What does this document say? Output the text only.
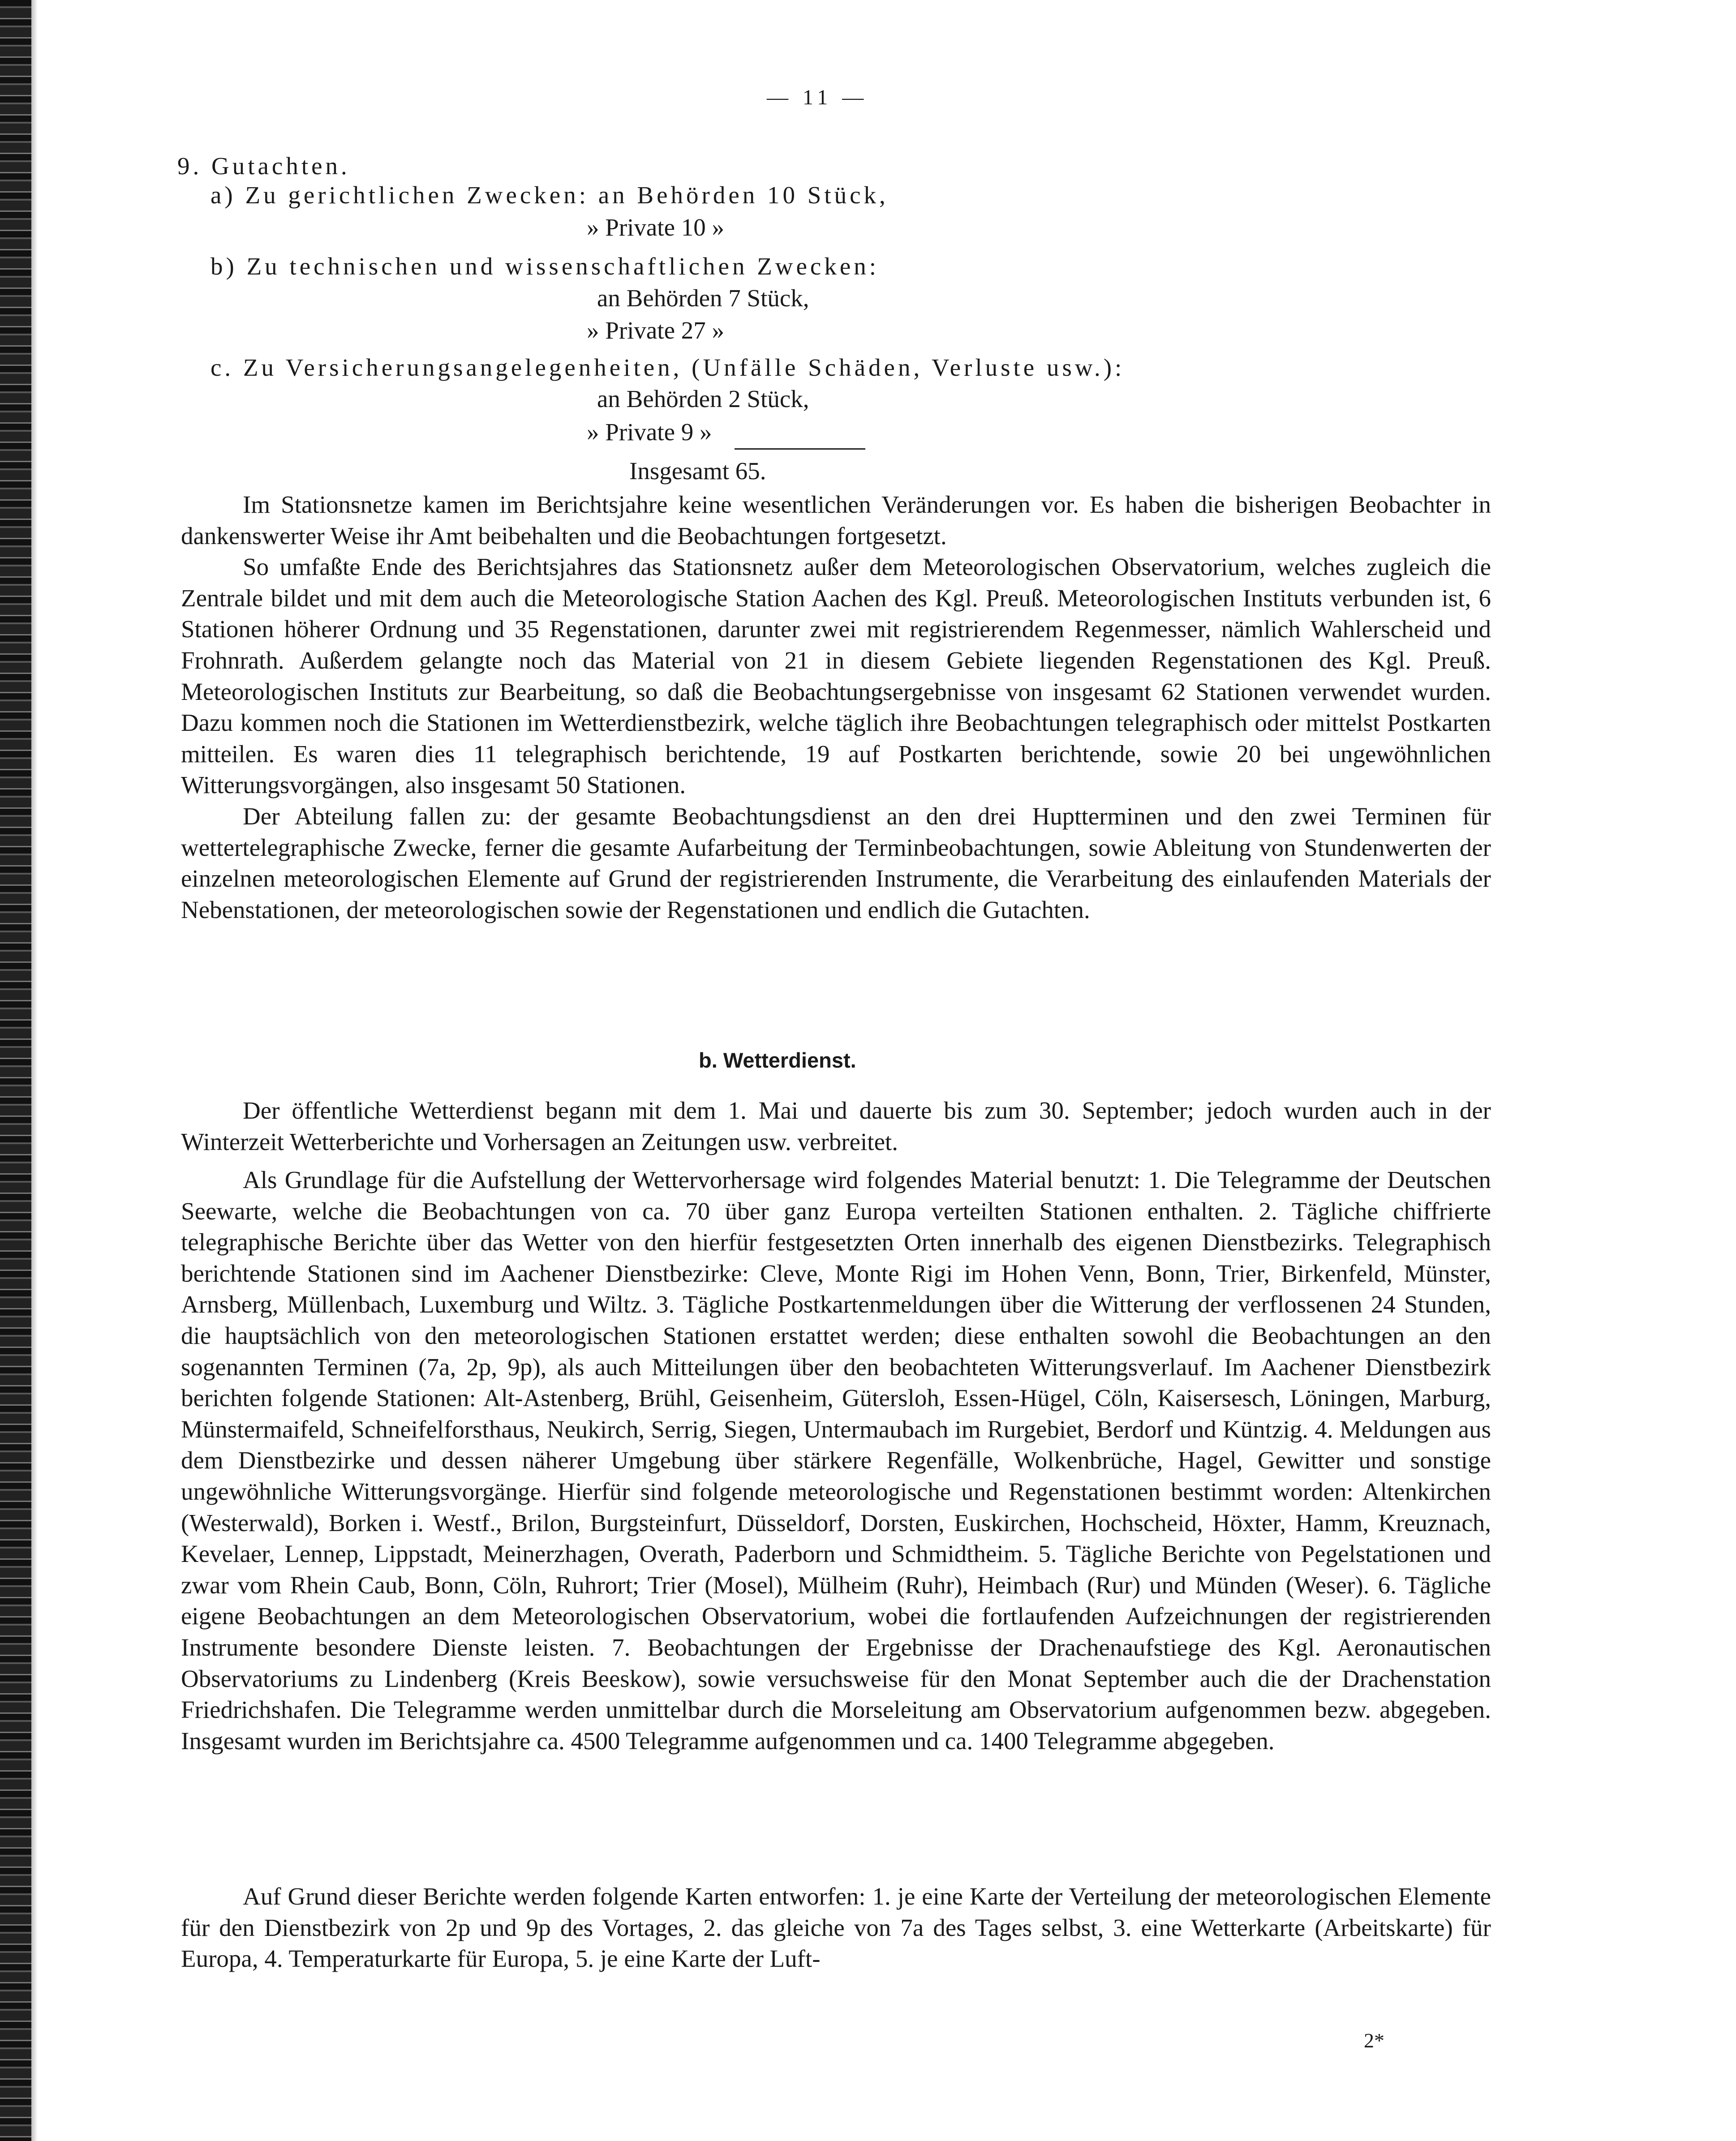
— 11 —
9. Gutachten.
a) Zu gerichtlichen Zwecken: an Behörden 10 Stück,
» Private 10 »
b) Zu technischen und wissenschaftlichen Zwecken:
an Behörden 7 Stück,
» Private 27 »
c. Zu Versicherungsangelegenheiten, (Unfälle Schäden, Verluste usw.):
an Behörden 2 Stück,
» Private 9 »
Insgesamt 65.

Im Stationsnetze kamen im Berichtsjahre keine wesentlichen Veränderungen vor. Es haben die bisherigen Beobachter in dankenswerter Weise ihr Amt beibehalten und die Beobachtungen fortgesetzt.

So umfaßte Ende des Berichtsjahres das Stationsnetz außer dem Meteorologischen Observatorium, welches zugleich die Zentrale bildet und mit dem auch die Meteorologische Station Aachen des Kgl. Preuß. Meteorologischen Instituts verbunden ist, 6 Stationen höherer Ordnung und 35 Regenstationen, darunter zwei mit registrierendem Regenmesser, nämlich Wahlerscheid und Frohnrath. Außerdem gelangte noch das Material von 21 in diesem Gebiete liegenden Regenstationen des Kgl. Preuß. Meteorologischen Instituts zur Bearbeitung, so daß die Beobachtungsergebnisse von insgesamt 62 Stationen verwendet wurden. Dazu kommen noch die Stationen im Wetterdienstbezirk, welche täglich ihre Beobachtungen telegraphisch oder mittelst Postkarten mitteilen. Es waren dies 11 telegraphisch berichtende, 19 auf Postkarten berichtende, sowie 20 bei ungewöhnlichen Witterungsvorgängen, also insgesamt 50 Stationen.

Der Abteilung fallen zu: der gesamte Beobachtungsdienst an den drei Huptterminen und den zwei Terminen für wettertelegraphische Zwecke, ferner die gesamte Aufarbeitung der Terminbeobachtungen, sowie Ableitung von Stundenwerten der einzelnen meteorologischen Elemente auf Grund der registrierenden Instrumente, die Verarbeitung des einlaufenden Materials der Nebenstationen, der meteorologischen sowie der Regenstationen und endlich die Gutachten.

b. Wetterdienst.

Der öffentliche Wetterdienst begann mit dem 1. Mai und dauerte bis zum 30. September; jedoch wurden auch in der Winterzeit Wetterberichte und Vorhersagen an Zeitungen usw. verbreitet.

Als Grundlage für die Aufstellung der Wettervorhersage wird folgendes Material benutzt: 1. Die Telegramme der Deutschen Seewarte, welche die Beobachtungen von ca. 70 über ganz Europa verteilten Stationen enthalten. 2. Tägliche chiffrierte telegraphische Berichte über das Wetter von den hierfür festgesetzten Orten innerhalb des eigenen Dienstbezirks. Telegraphisch berichtende Stationen sind im Aachener Dienstbezirke: Cleve, Monte Rigi im Hohen Venn, Bonn, Trier, Birkenfeld, Münster, Arnsberg, Müllenbach, Luxemburg und Wiltz. 3. Tägliche Postkartenmeldungen über die Witterung der verflossenen 24 Stunden, die hauptsächlich von den meteorologischen Stationen erstattet werden; diese enthalten sowohl die Beobachtungen an den sogenannten Terminen (7a, 2p, 9p), als auch Mitteilungen über den beobachteten Witterungsverlauf. Im Aachener Dienstbezirk berichten folgende Stationen: Alt-Astenberg, Brühl, Geisenheim, Gütersloh, Essen-Hügel, Cöln, Kaisersesch, Löningen, Marburg, Münstermaifeld, Schneifelforsthaus, Neukirch, Serrig, Siegen, Untermaubach im Rurgebiet, Berdorf und Küntzig. 4. Meldungen aus dem Dienstbezirke und dessen näherer Umgebung über stärkere Regenfälle, Wolkenbrüche, Hagel, Gewitter und sonstige ungewöhnliche Witterungsvorgänge. Hierfür sind folgende meteorologische und Regenstationen bestimmt worden: Altenkirchen (Westerwald), Borken i. Westf., Brilon, Burgsteinfurt, Düsseldorf, Dorsten, Euskirchen, Hochscheid, Höxter, Hamm, Kreuznach, Kevelaer, Lennep, Lippstadt, Meinerzhagen, Overath, Paderborn und Schmidtheim. 5. Tägliche Berichte von Pegelstationen und zwar vom Rhein Caub, Bonn, Cöln, Ruhrort; Trier (Mosel), Mülheim (Ruhr), Heimbach (Rur) und Münden (Weser). 6. Tägliche eigene Beobachtungen an dem Meteorologischen Observatorium, wobei die fortlaufenden Aufzeichnungen der registrierenden Instrumente besondere Dienste leisten. 7. Beobachtungen der Ergebnisse der Drachenaufstiege des Kgl. Aeronautischen Observatoriums zu Lindenberg (Kreis Beeskow), sowie versuchsweise für den Monat September auch die der Drachenstation Friedrichshafen. Die Telegramme werden unmittelbar durch die Morseleitung am Observatorium aufgenommen bezw. abgegeben. Insgesamt wurden im Berichtsjahre ca. 4500 Telegramme aufgenommen und ca. 1400 Telegramme abgegeben.

Auf Grund dieser Berichte werden folgende Karten entworfen: 1. je eine Karte der Verteilung der meteorologischen Elemente für den Dienstbezirk von 2p und 9p des Vortages, 2. das gleiche von 7a des Tages selbst, 3. eine Wetterkarte (Arbeitskarte) für Europa, 4. Temperaturkarte für Europa, 5. je eine Karte der Luft-

2*
